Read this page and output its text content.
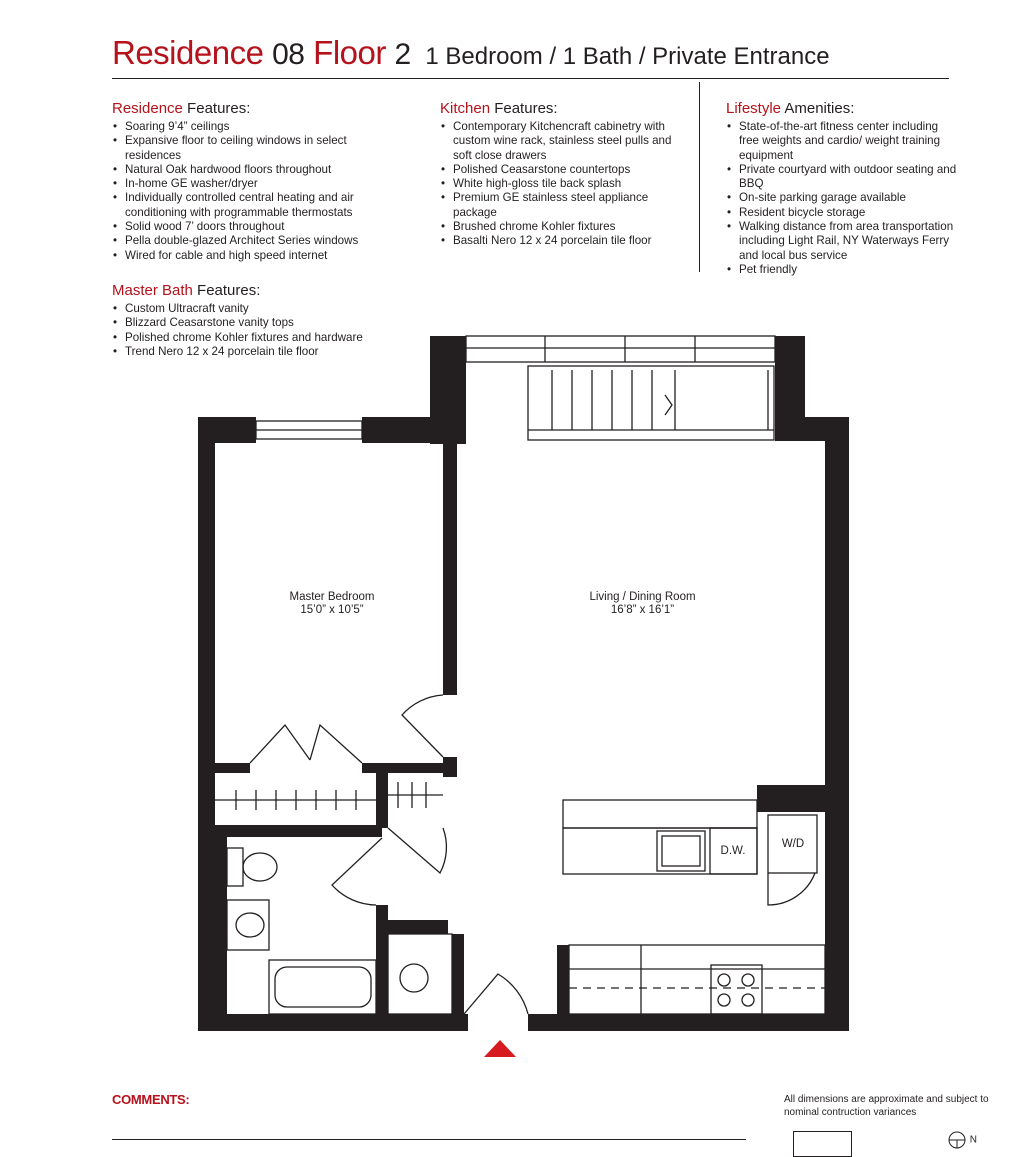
Residence 08 Floor 2 1 Bedroom / 1 Bath / Private Entrance
Residence Features:
• Soaring 9’4” ceilings
• Expansive floor to ceiling windows in select residences
• Natural Oak hardwood floors throughout
• In-home GE washer/dryer
• Individually controlled central heating and air conditioning with programmable thermostats
• Solid wood 7’ doors throughout
• Pella double-glazed Architect Series windows
• Wired for cable and high speed internet
Master Bath Features:
• Custom Ultracraft vanity
• Blizzard Ceasarstone vanity tops
• Polished chrome Kohler fixtures and hardware
• Trend Nero 12 x 24 porcelain tile floor
Kitchen Features:
• Contemporary Kitchencraft cabinetry with custom wine rack, stainless steel pulls and soft close drawers
• Polished Ceasarstone countertops
• White high-gloss tile back splash
• Premium GE stainless steel appliance package
• Brushed chrome Kohler fixtures
• Basalti Nero 12 x 24 porcelain tile floor
Lifestyle Amenities:
• State-of-the-art fitness center including free weights and cardio/ weight training equipment
• Private courtyard with outdoor seating and BBQ
• On-site parking garage available
• Resident bicycle storage
• Walking distance from area transportation including Light Rail, NY Waterways Ferry and local bus service
• Pet friendly
Master Bedroom
15’0” x 10’5”
Living / Dining Room
16’8” x 16’1”
D.W.
W/D
COMMENTS:	All dimensions are approximate and subject to nominal contruction variances
N
